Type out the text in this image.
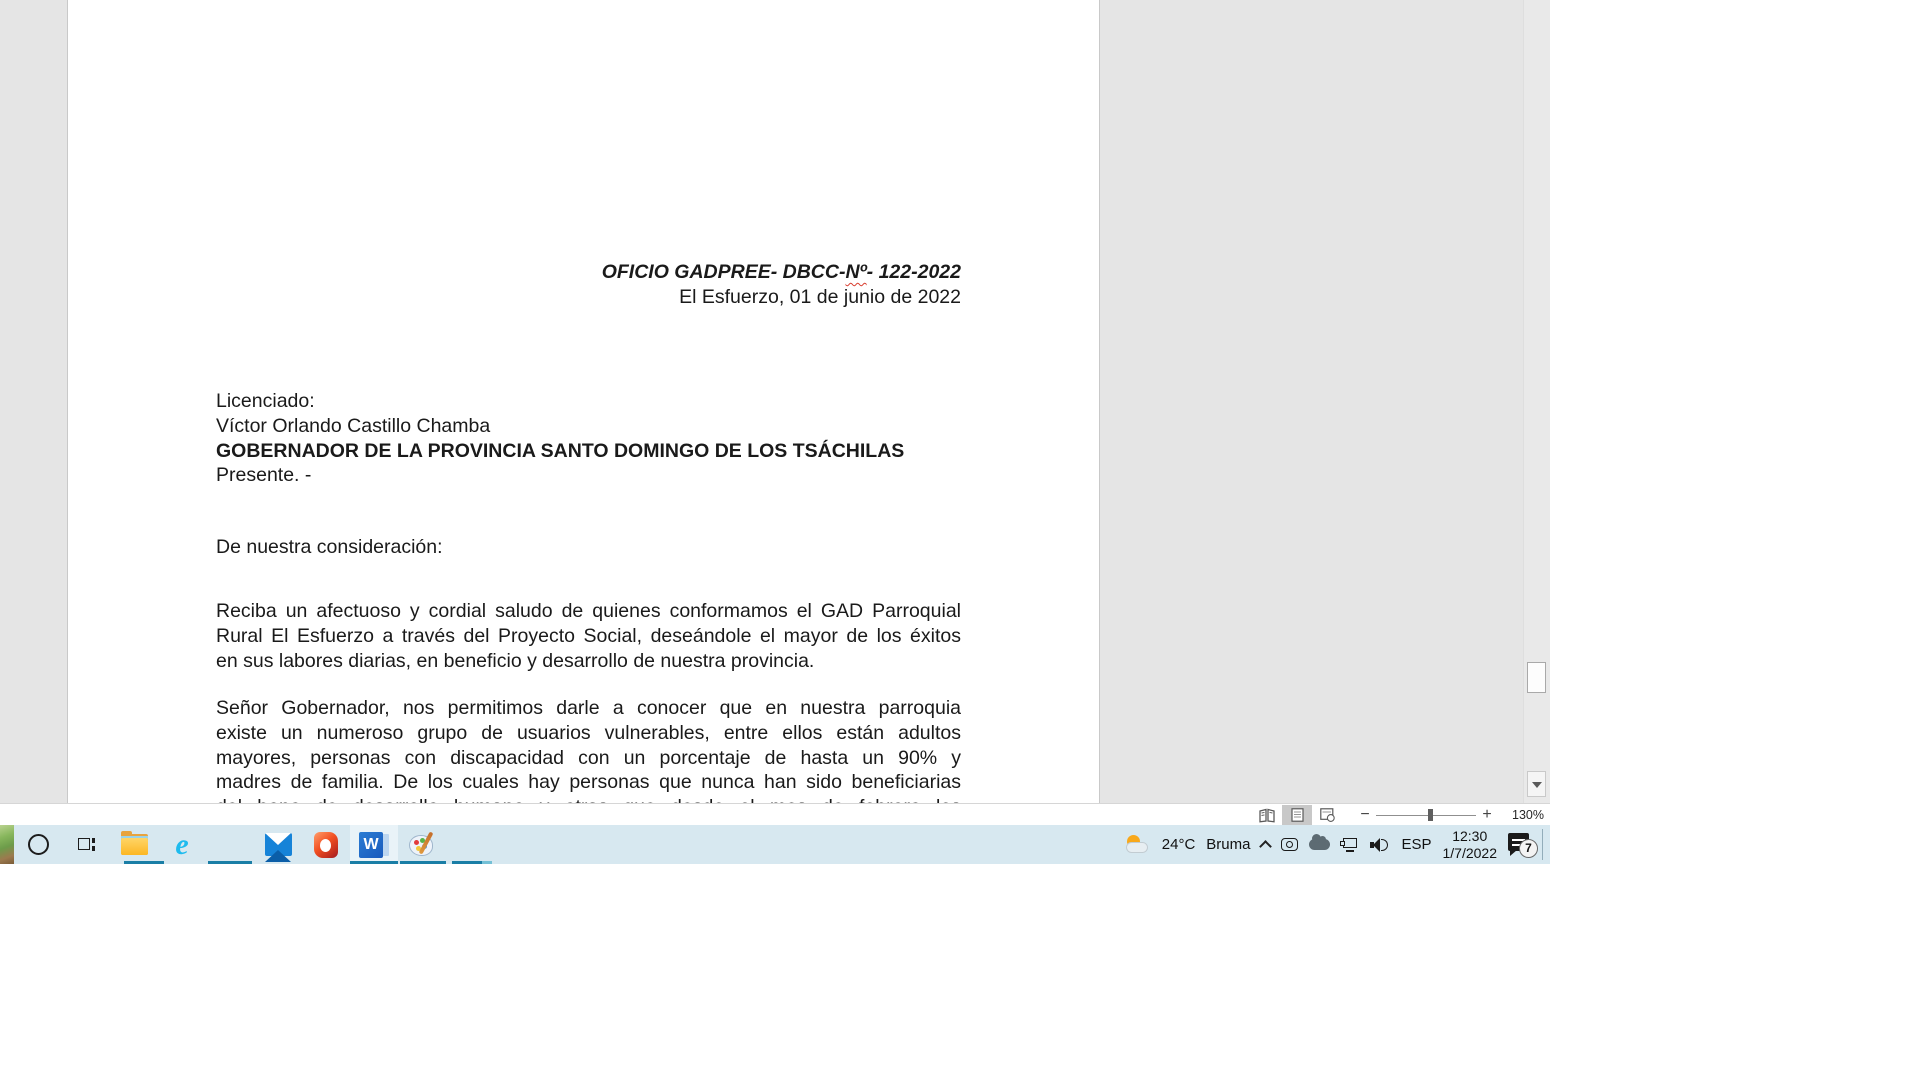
OFICIO GADPREE- DBCC-Nº- 122-2022
El Esfuerzo, 01 de junio de 2022
Licenciado:
Víctor Orlando Castillo Chamba
GOBERNADOR DE LA PROVINCIA SANTO DOMINGO DE LOS TSÁCHILAS
Presente. -
De nuestra consideración:
Reciba un afectuoso y cordial saludo de quienes conformamos el GAD Parroquial
Rural El Esfuerzo a través del Proyecto Social, deseándole el mayor de los éxitos
en sus labores diarias, en beneficio y desarrollo de nuestra provincia.
Señor Gobernador, nos permitimos darle a conocer que en nuestra parroquia
existe un numeroso grupo de usuarios vulnerables, entre ellos están adultos
mayores, personas con discapacidad con un porcentaje de hasta un 90% y
madres de familia. De los cuales hay personas que nunca han sido beneficiarias
−	+	130%
e	W	24°C Bruma	ESP
12:30
1/7/2022	7
